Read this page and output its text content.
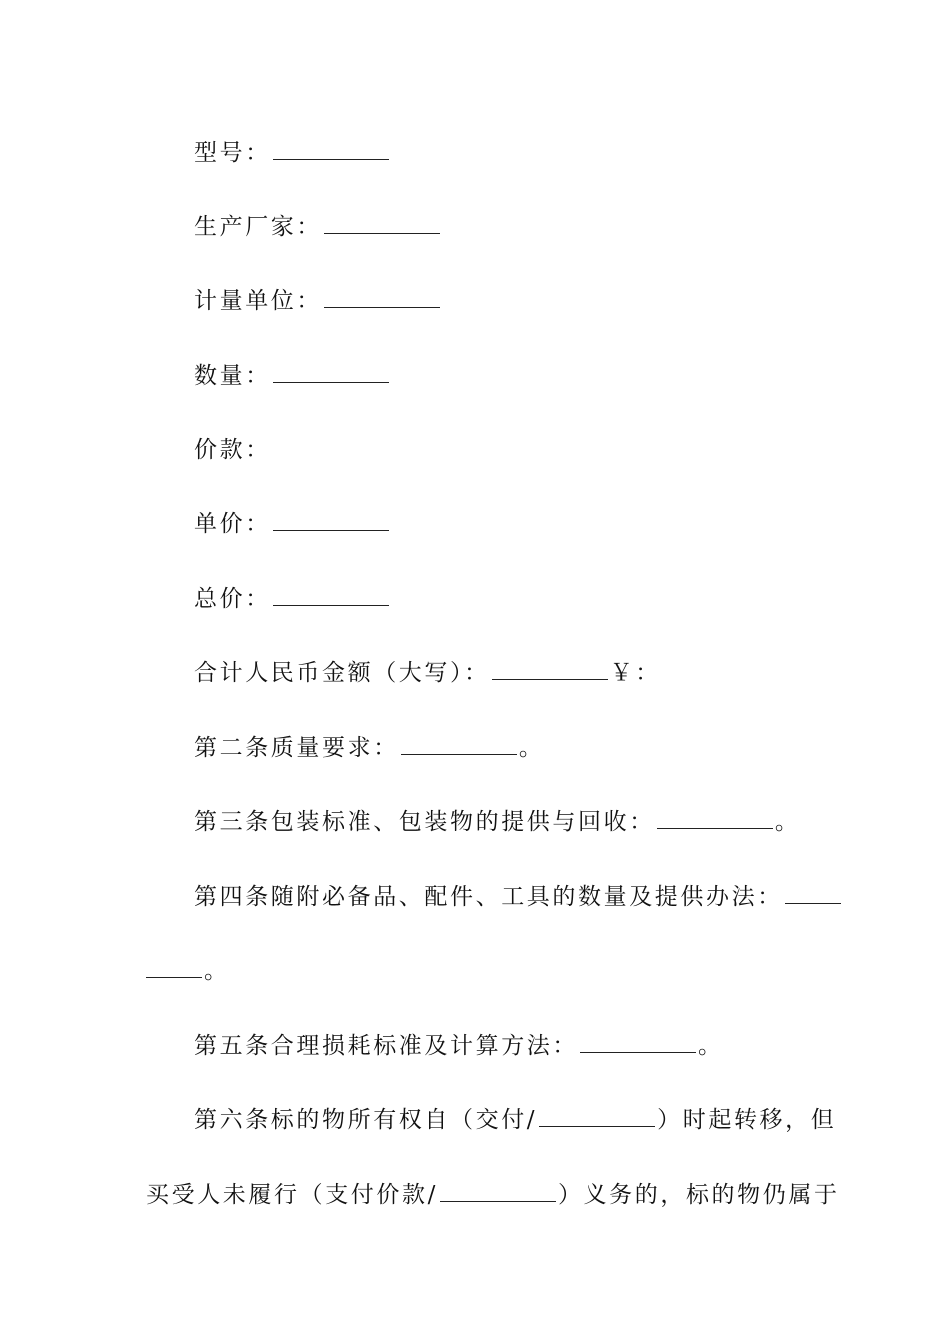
型号：
生产厂家：
计量单位：
数量：
价款：
单价：
总价：
合计人民币金额（大写）：	￥：
第二条质量要求：	。
第三条包装标准、包装物的提供与回收：	。
第四条随附必备品、配件、工具的数量及提供办法：
。
第五条合理损耗标准及计算方法：	。
第六条标的物所有权自（交付/	）时起转移，但
买受人未履行（支付价款/	）义务的，标的物仍属于
